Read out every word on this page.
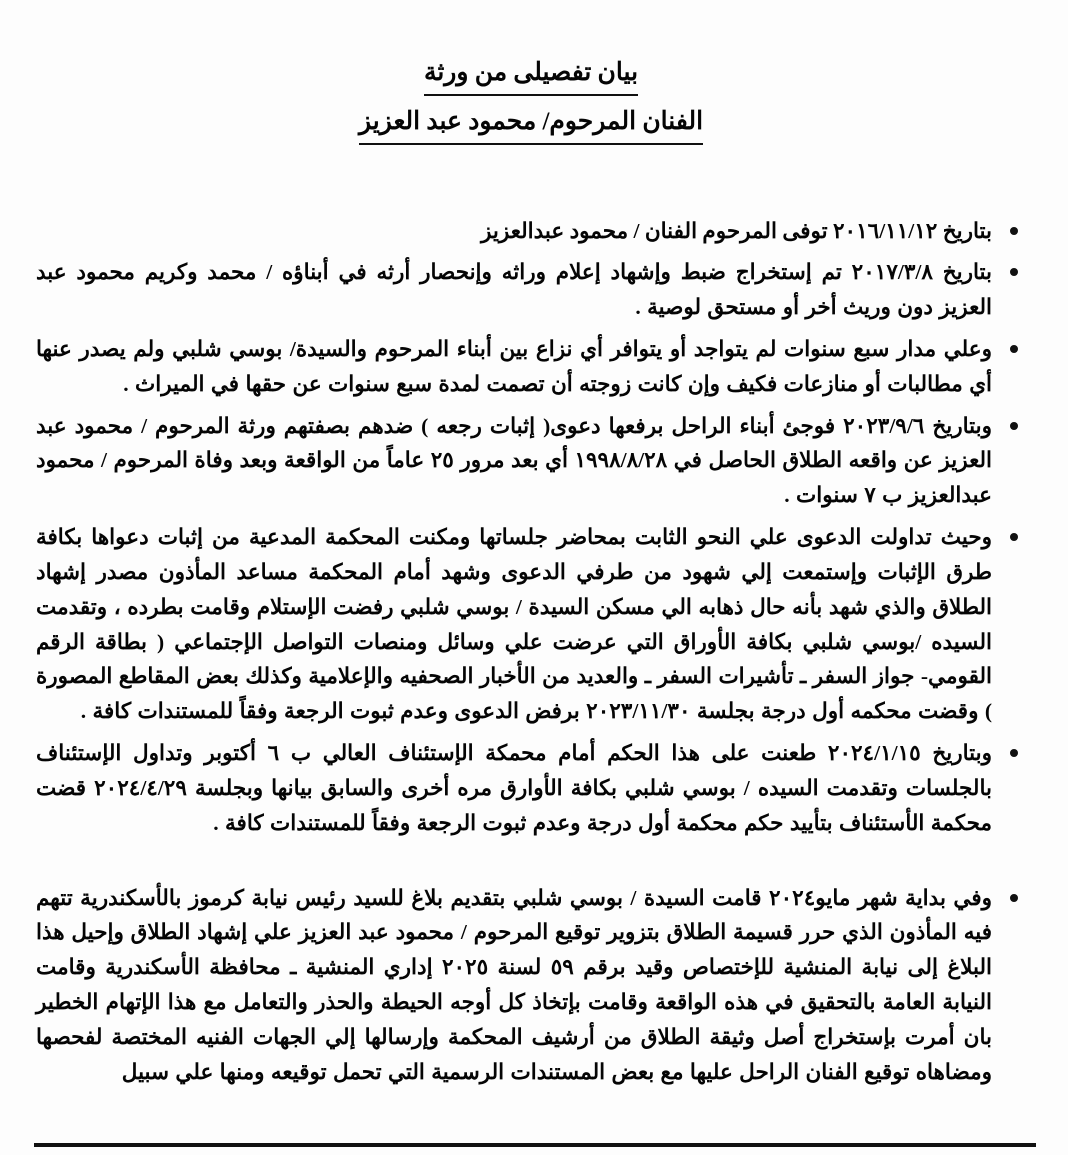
بيان تفصيلى من ورثة
الفنان المرحوم/ محمود عبد العزيز
بتاريخ ٢٠١٦/١١/١٢ توفى المرحوم الفنان / محمود عبدالعزيز
بتاريخ ٢٠١٧/٣/٨ تم إستخراج ضبط وإشهاد إعلام وراثه وإنحصار أرثه في أبناؤه / محمد وكريم محمود عبد العزيز دون وريث أخر أو مستحق لوصية .
وعلي مدار سبع سنوات لم يتواجد أو يتوافر أي نزاع بين أبناء المرحوم والسيدة/ بوسي شلبي ولم يصدر عنها أي مطالبات أو منازعات فكيف وإن كانت زوجته أن تصمت لمدة سبع سنوات عن حقها في الميراث .
وبتاريخ ٢٠٢٣/٩/٦ فوجئ أبناء الراحل برفعها دعوى( إثبات رجعه ) ضدهم بصفتهم ورثة المرحوم / محمود عبد العزيز عن واقعه الطلاق الحاصل في ١٩٩٨/٨/٢٨ أي بعد مرور ٢٥ عاماً من الواقعة وبعد وفاة المرحوم / محمود عبدالعزيز ب ٧ سنوات .
وحيث تداولت الدعوى علي النحو الثابت بمحاضر جلساتها ومكنت المحكمة المدعية من إثبات دعواها بكافة طرق الإثبات وإستمعت إلي شهود من طرفي الدعوى وشهد أمام المحكمة مساعد المأذون مصدر إشهاد الطلاق والذي شهد بأنه حال ذهابه الي مسكن السيدة / بوسي شلبي رفضت الإستلام وقامت بطرده ، وتقدمت السيده /بوسي شلبي بكافة الأوراق التي عرضت علي وسائل ومنصات التواصل الإجتماعي ( بطاقة الرقم القومي- جواز السفر ـ تأشيرات السفر ـ والعديد من الأخبار الصحفيه والإعلامية وكذلك بعض المقاطع المصورة ) وقضت محكمه أول درجة بجلسة ٢٠٢٣/١١/٣٠ برفض الدعوى وعدم ثبوت الرجعة وفقاً للمستندات كافة .
وبتاريخ ٢٠٢٤/١/١٥ طعنت على هذا الحكم أمام محمكة الإستئناف العالي ب ٦ أكتوبر وتداول الإستئناف بالجلسات وتقدمت السيده / بوسي شلبي بكافة الأوارق مره أخرى والسابق بيانها وبجلسة ٢٠٢٤/٤/٢٩ قضت محكمة الأستئناف بتأييد حكم محكمة أول درجة وعدم ثبوت الرجعة وفقاً للمستندات كافة .
وفي بداية شهر مايو٢٠٢٤ قامت السيدة / بوسي شلبي بتقديم بلاغ للسيد رئيس نيابة كرموز بالأسكندرية تتهم فيه المأذون الذي حرر قسيمة الطلاق بتزوير توقيع المرحوم / محمود عبد العزيز علي إشهاد الطلاق وإحيل هذا البلاغ إلى نيابة المنشية للإختصاص وقيد برقم ٥٩ لسنة ٢٠٢٥ إداري المنشية ـ محافظة الأسكندرية وقامت النيابة العامة بالتحقيق في هذه الواقعة وقامت بإتخاذ كل أوجه الحيطة والحذر والتعامل مع هذا الإتهام الخطير بان أمرت بإستخراج أصل وثيقة الطلاق من أرشيف المحكمة وإرسالها إلي الجهات الفنيه المختصة لفحصها ومضاهاه توقيع الفنان الراحل عليها مع بعض المستندات الرسمية التي تحمل توقيعه ومنها علي سبيل
